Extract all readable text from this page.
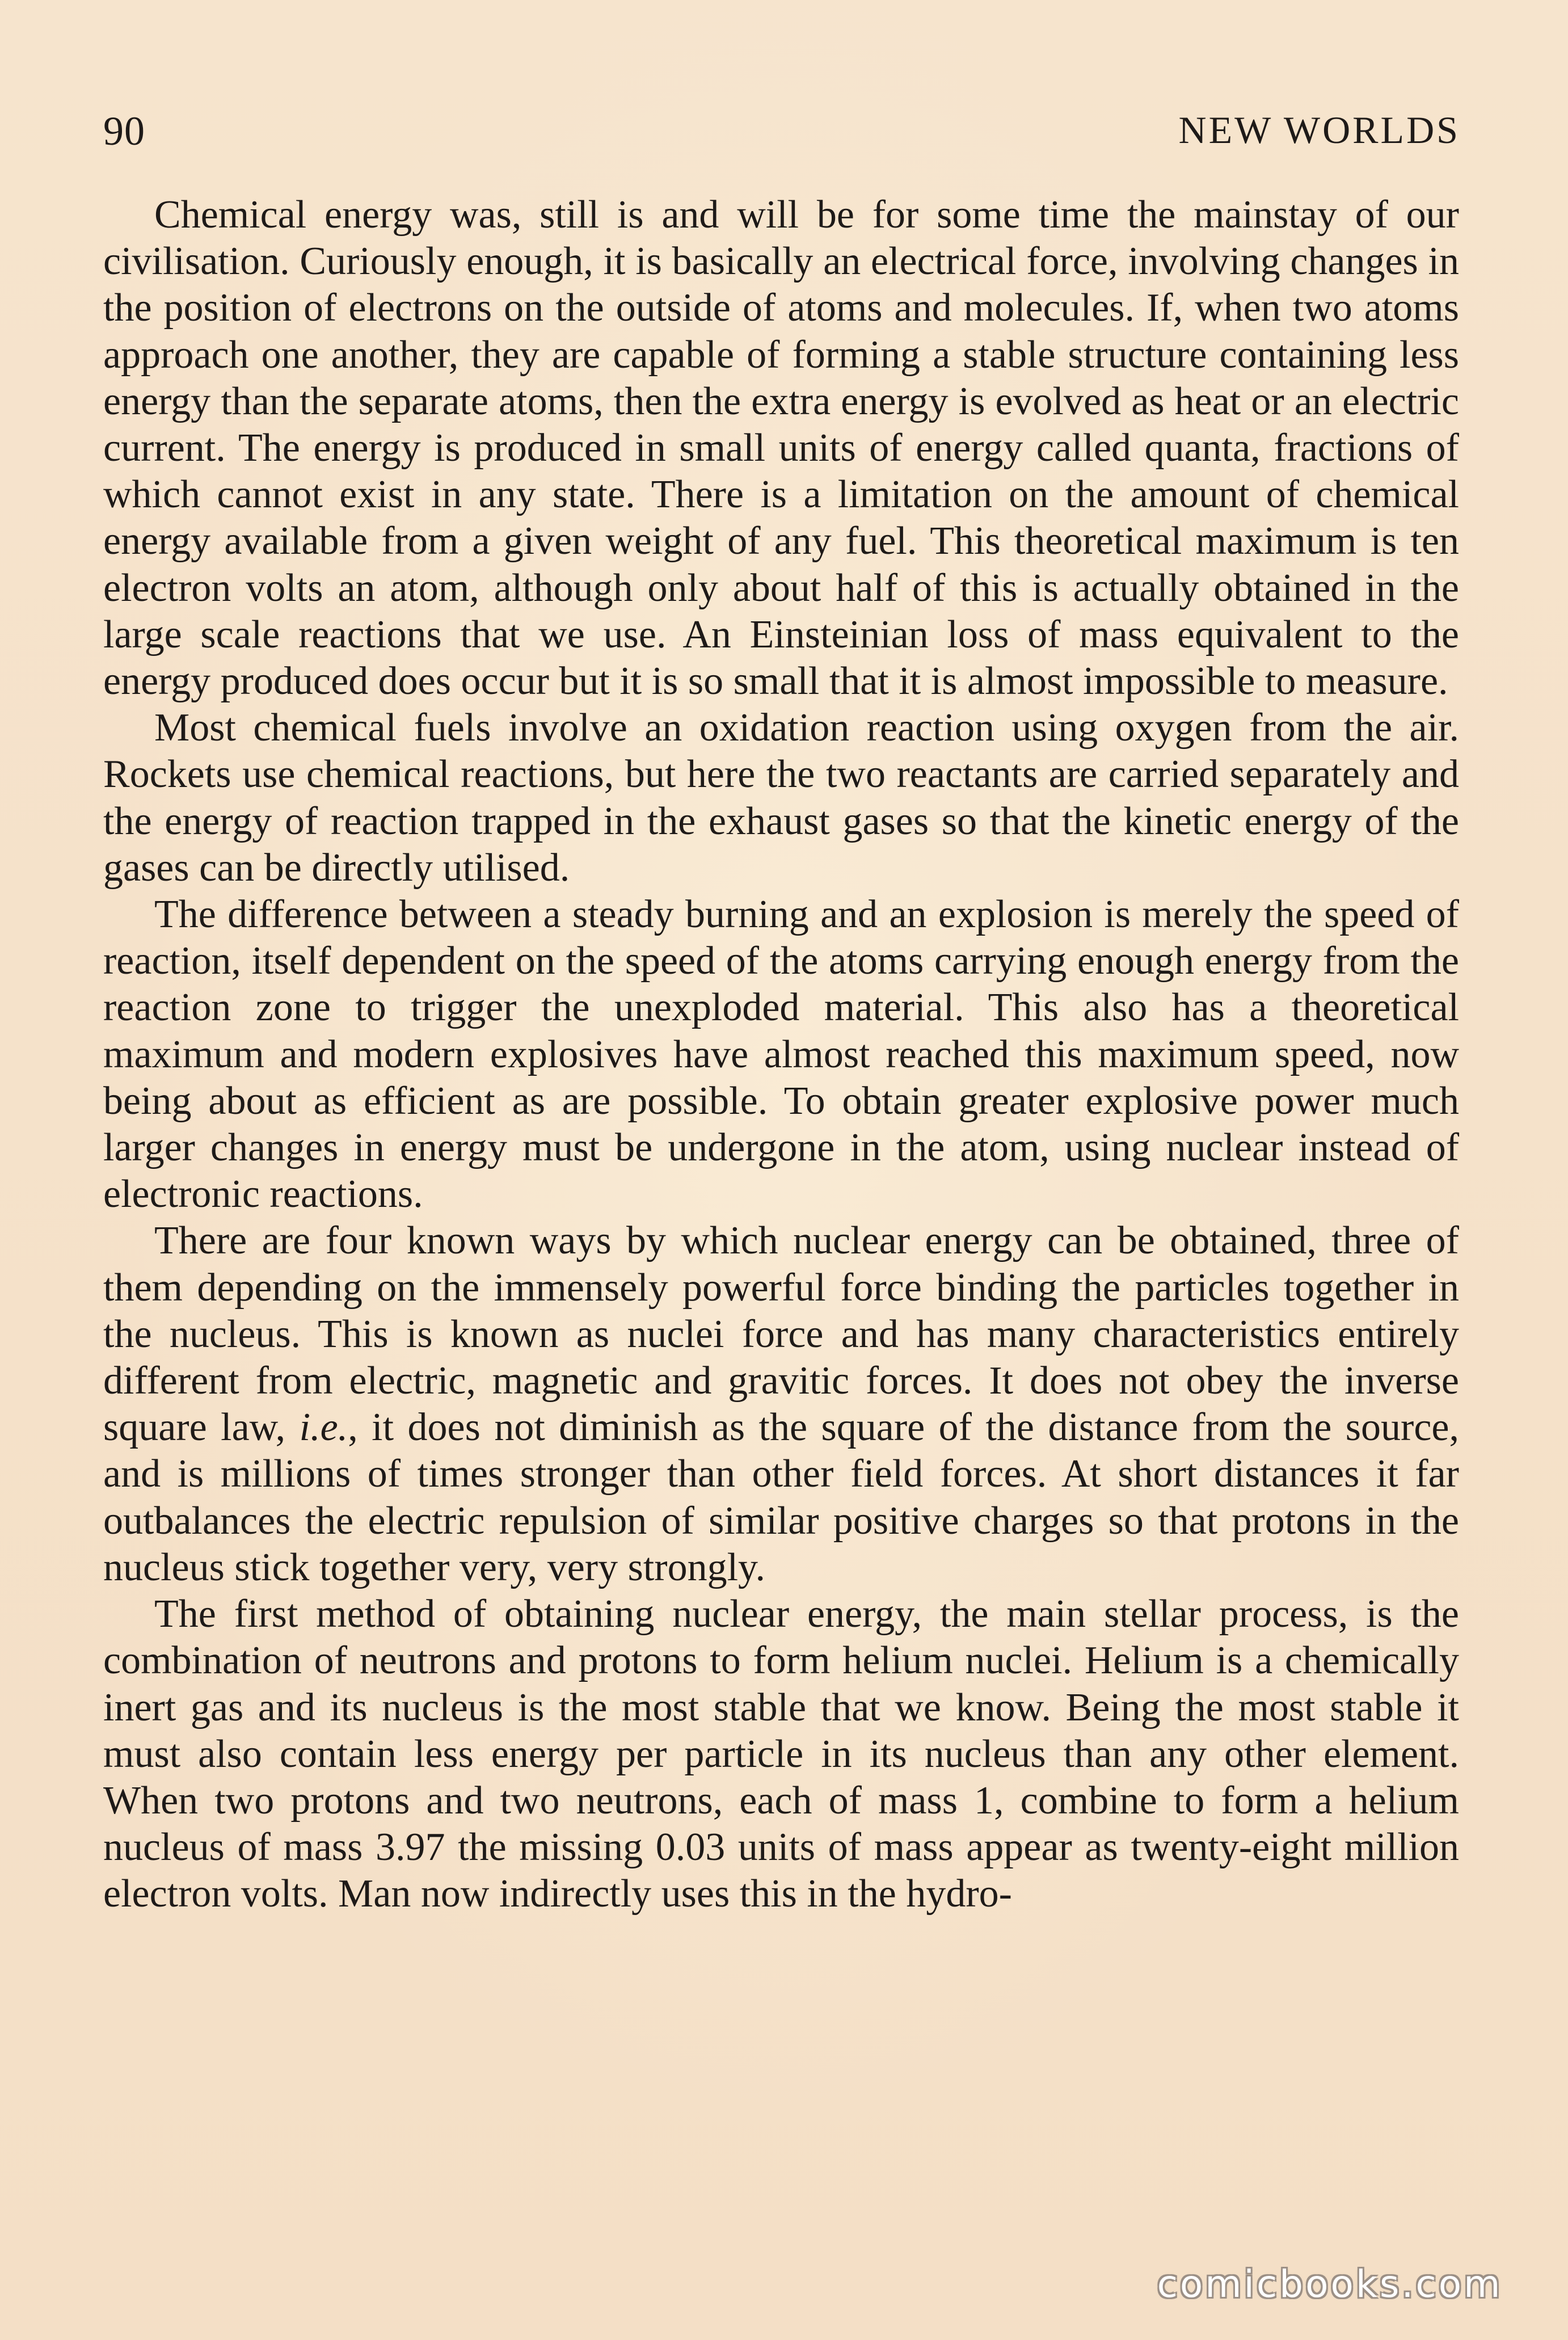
90	NEW WORLDS

Chemical energy was, still is and will be for some time the mainstay of our civilisation. Curiously enough, it is basically an electrical force, involving changes in the position of electrons on the outside of atoms and molecules. If, when two atoms approach one another, they are capable of forming a stable structure containing less energy than the separate atoms, then the extra energy is evolved as heat or an electric current. The energy is produced in small units of energy called quanta, fractions of which cannot exist in any state. There is a limitation on the amount of chemical energy available from a given weight of any fuel. This theoretical maximum is ten electron volts an atom, although only about half of this is actually obtained in the large scale reactions that we use. An Einsteinian loss of mass equivalent to the energy produced does occur but it is so small that it is almost impossible to measure.

Most chemical fuels involve an oxidation reaction using oxygen from the air. Rockets use chemical reactions, but here the two reactants are carried separately and the energy of reaction trapped in the exhaust gases so that the kinetic energy of the gases can be directly utilised.

The difference between a steady burning and an explosion is merely the speed of reaction, itself dependent on the speed of the atoms carrying enough energy from the reaction zone to trigger the unexploded material. This also has a theoretical maximum and modern explosives have almost reached this maximum speed, now being about as efficient as are possible. To obtain greater explosive power much larger changes in energy must be undergone in the atom, using nuclear instead of electronic reactions.

There are four known ways by which nuclear energy can be obtained, three of them depending on the immensely powerful force binding the particles together in the nucleus. This is known as nuclei force and has many characteristics entirely different from electric, magnetic and gravitic forces. It does not obey the inverse square law, i.e., it does not diminish as the square of the distance from the source, and is millions of times stronger than other field forces. At short distances it far outbalances the electric repulsion of similar positive charges so that protons in the nucleus stick together very, very strongly.

The first method of obtaining nuclear energy, the main stellar process, is the combination of neutrons and protons to form helium nuclei. Helium is a chemically inert gas and its nucleus is the most stable that we know. Being the most stable it must also contain less energy per particle in its nucleus than any other element. When two protons and two neutrons, each of mass 1, combine to form a helium nucleus of mass 3.97 the missing 0.03 units of mass appear as twenty-eight million electron volts. Man now indirectly uses this in the hydro-

comicbooks.com
